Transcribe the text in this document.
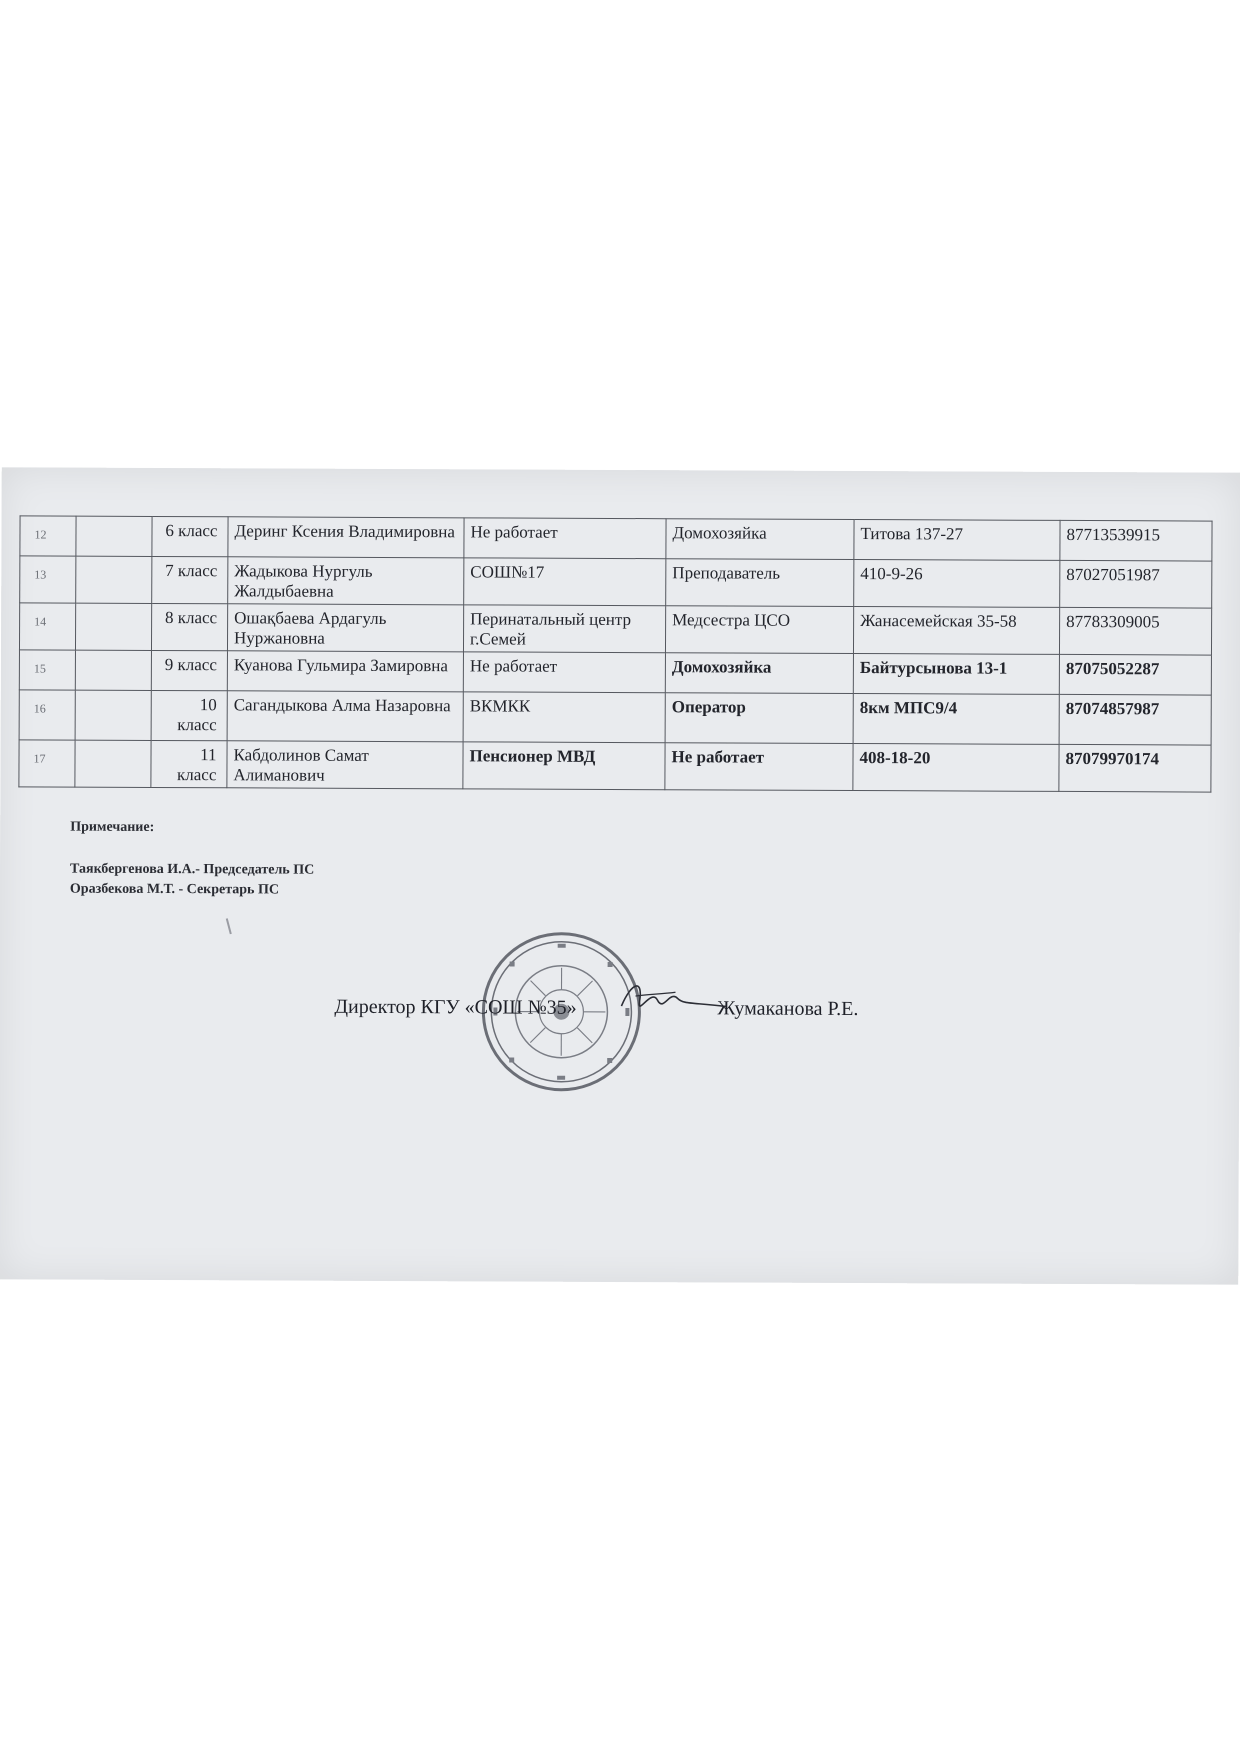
12		6 класс	Деринг Ксения Владимировна	Не работает	Домохозяйка	Титова 137-27	87713539915
13		7 класс	Жадыкова Нургуль Жалдыбаевна	СОШ№17	Преподаватель	410-9-26	87027051987
14		8 класс	Ошақбаева Ардагуль Нуржановна	Перинатальный центр г.Семей	Медсестра ЦСО	Жанасемейская 35-58	87783309005
15		9 класс	Куанова Гульмира Замировна	Не работает	Домохозяйка	Байтурсынова 13-1	87075052287
16		10 класс	Сагандыкова Алма Назаровна	ВКМКК	Оператор	8км МПС9/4	87074857987
17		11 класс	Кабдолинов Самат Алиманович	Пенсионер МВД	Не работает	408-18-20	87079970174
Примечание:
Таякбергенова И.А.- Председатель ПС
Оразбекова М.Т. - Секретарь ПС
Директор КГУ «СОШ №35»	Жумаканова Р.Е.
